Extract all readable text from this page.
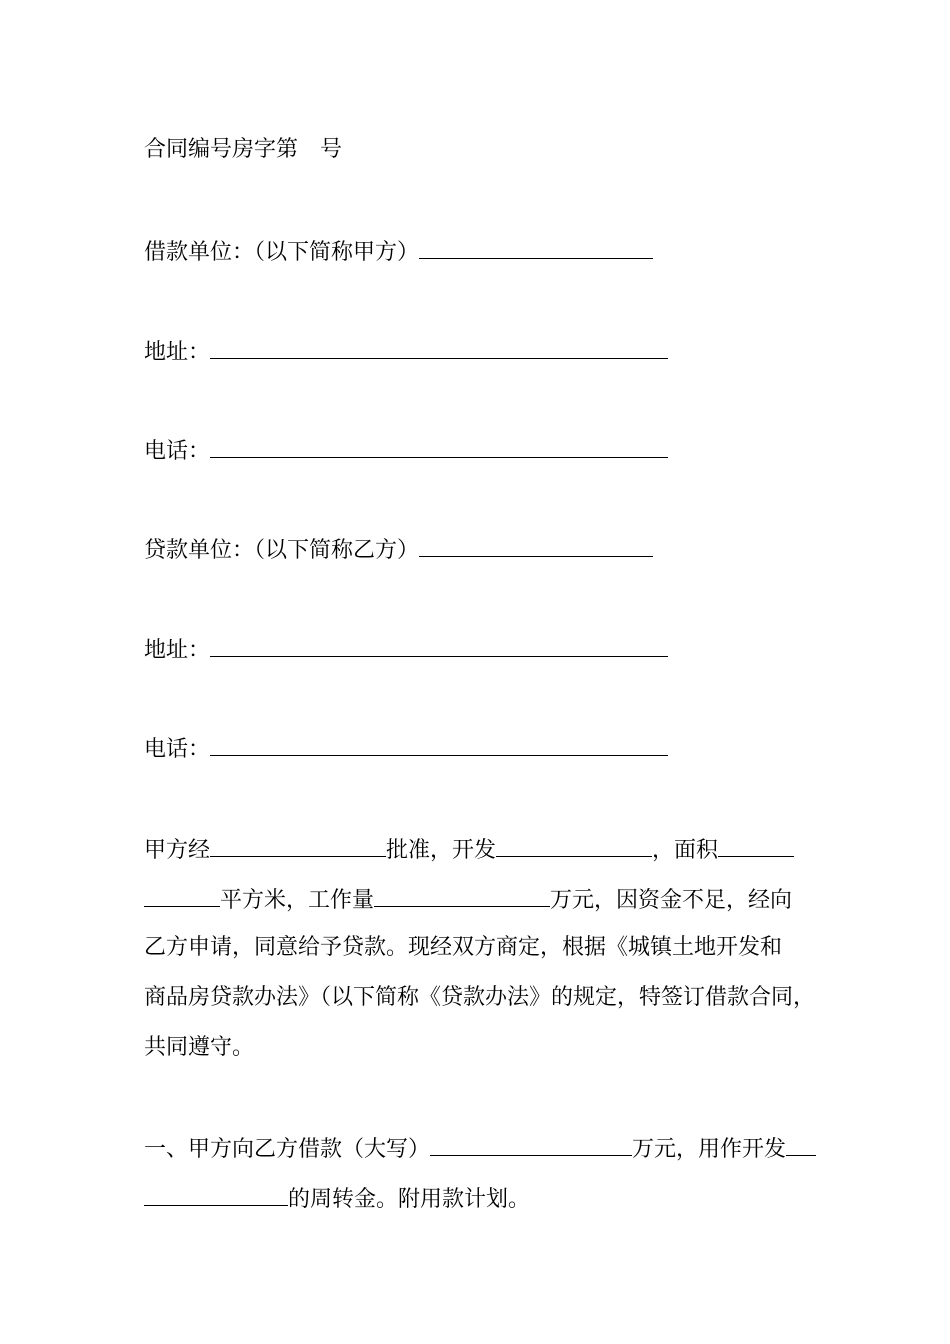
合同编号房字第 号
借款单位：（以下简称甲方）
地址：
电话：
贷款单位：（以下简称乙方）
地址：
电话：
甲方经	批准，开发	，面积
平方米，工作量	万元，因资金不足，经向
乙方申请，同意给予贷款。现经双方商定，根据《城镇土地开发和
商品房贷款办法》（以下简称《贷款办法》的规定，特签订借款合同，
共同遵守。
一、甲方向乙方借款（大写）	万元，用作开发
的周转金。附用款计划。
